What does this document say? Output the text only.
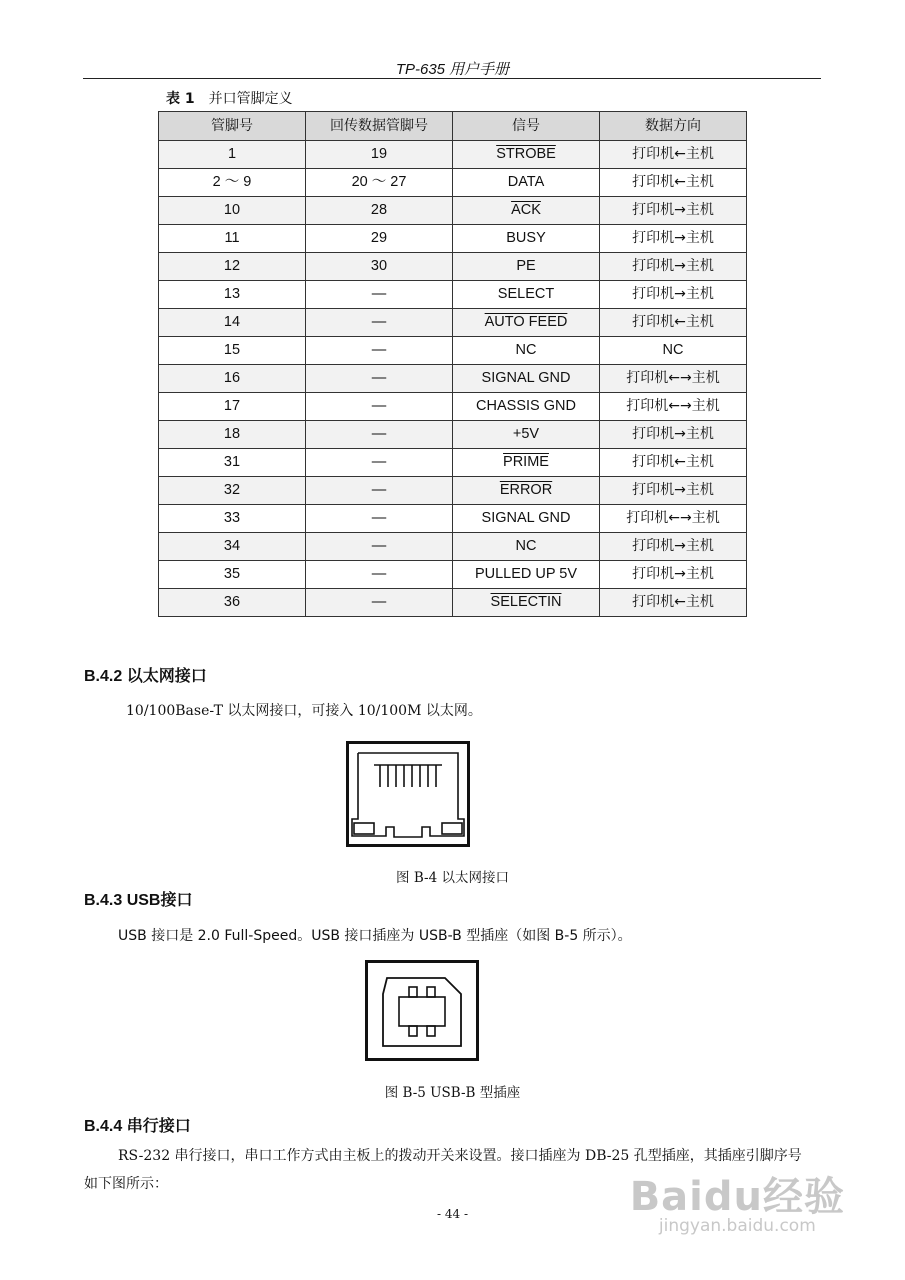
TP-635 用户手册
表 1 并口管脚定义
管脚号	回传数据管脚号	信号	数据方向
1	19	STROBE	打印机←主机
2 ～ 9	20 ～ 27	DATA	打印机←主机
10	28	$\overline{ACK}$	打印机→主机
11	29	BUSY	打印机→主机
12	30	PE	打印机→主机
13	—	SELECT	打印机→主机
14	—	AUTO FEED	打印机←主机
15	—	NC	NC
16	—	SIGNAL GND	打印机←→主机
17	—	CHASSIS GND	打印机←→主机
18	—	+5V	打印机→主机
31	—	PRIME	打印机←主机
32	—	ERROR	打印机→主机
33	—	SIGNAL GND	打印机←→主机
34	—	NC	打印机→主机
35	—	PULLED UP 5V	打印机→主机
36	—	SELECTIN	打印机←主机
B.4.2 以太网接口
10/100Base-T 以太网接口，可接入 10/100M 以太网。
图 B-4 以太网接口
B.4.3 USB接口
USB 接口是 2.0 Full-Speed。USB 接口插座为 USB-B 型插座（如图 B-5 所示）。
图 B-5 USB-B 型插座
B.4.4 串行接口
RS-232 串行接口，串口工作方式由主板上的拨动开关来设置。接口插座为 DB-25 孔型插座，其插座引脚序号如下图所示：
- 44 -	Baidu经验
jingyan.baidu.com
